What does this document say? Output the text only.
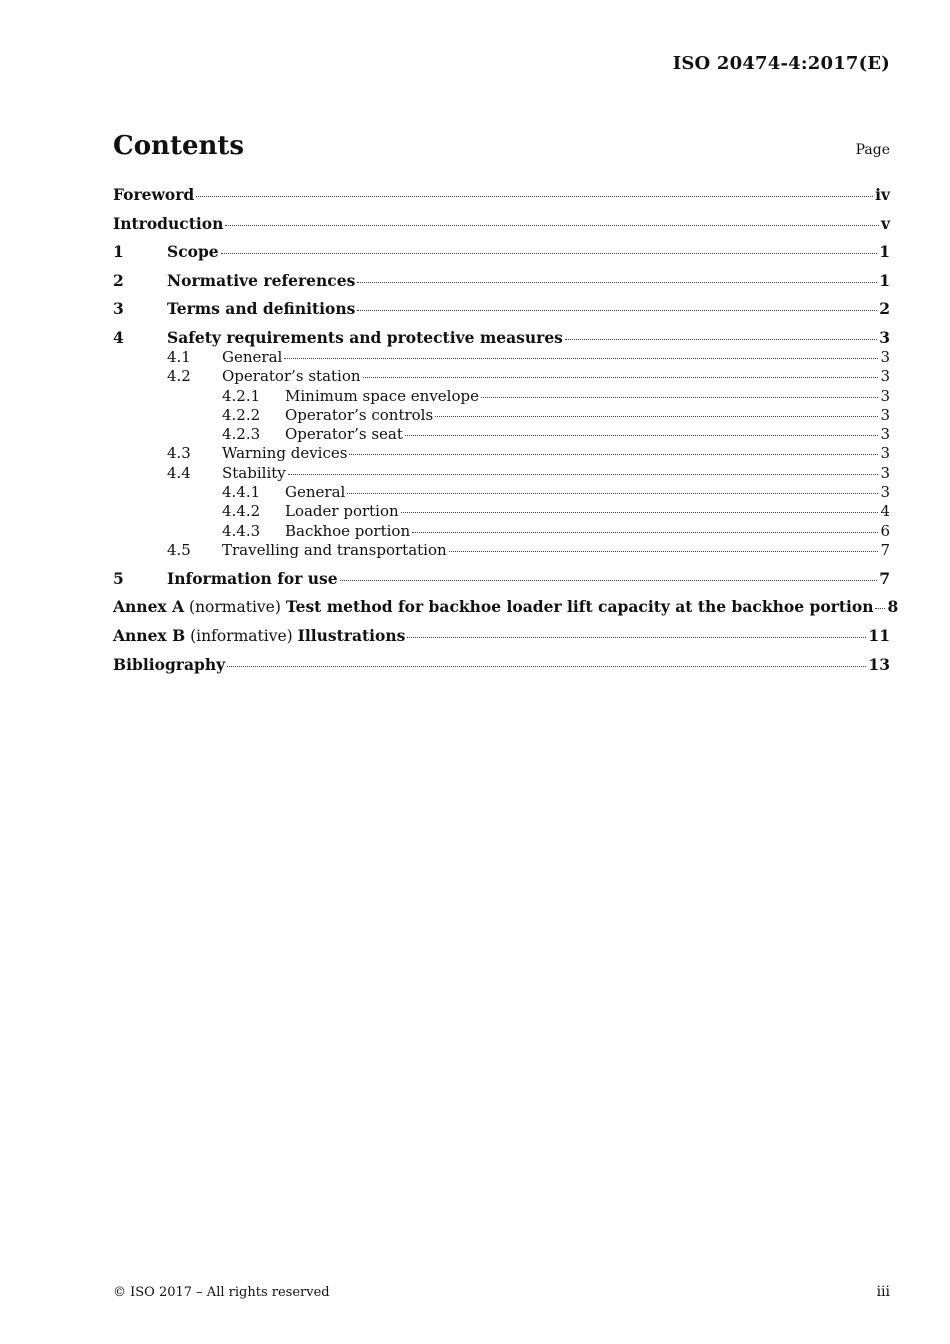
ISO 20474-4:2017(E)
Contents	Page
Foreword	iv
Introduction	v
1	Scope	1
2	Normative references	1
3	Terms and definitions	2
4	Safety requirements and protective measures	3
4.1	General	3
4.2	Operator’s station	3
4.2.1	Minimum space envelope	3
4.2.2	Operator’s controls	3
4.2.3	Operator’s seat	3
4.3	Warning devices	3
4.4	Stability	3
4.4.1	General	3
4.4.2	Loader portion	4
4.4.3	Backhoe portion	6
4.5	Travelling and transportation	7
5	Information for use	7
Annex A (normative) Test method for backhoe loader lift capacity at the backhoe portion 8
Annex B (informative) Illustrations	11
Bibliography	13
© ISO 2017 – All rights reserved	iii
